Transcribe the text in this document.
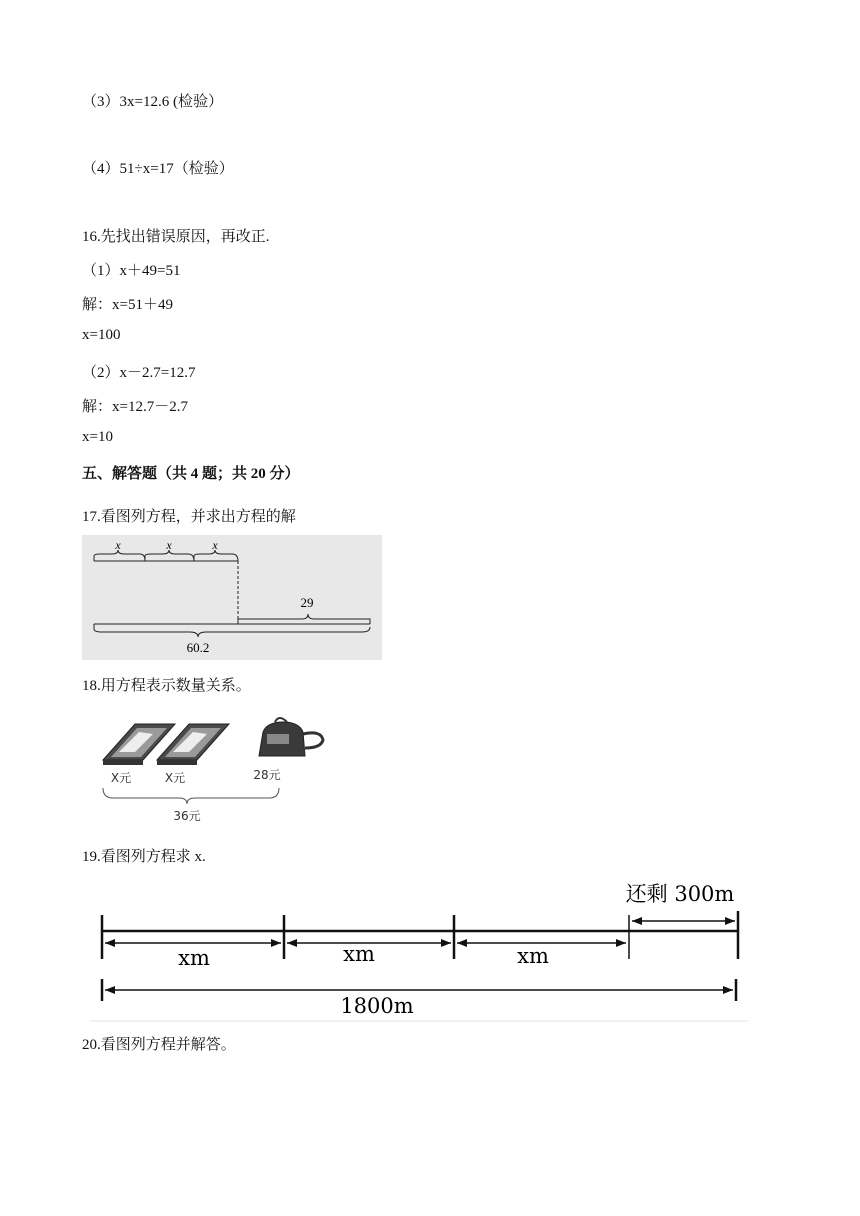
（3）3x=12.6 (检验）
（4）51÷x=17（检验）
16.先找出错误原因，再改正.
（1）x＋49=51
解：x=51＋49
x=100
（2）x－2.7=12.7
解：x=12.7－2.7
x=10
五、解答题（共 4 题；共 20 分）
17.看图列方程，并求出方程的解
x	x	x
29
60.2
18.用方程表示数量关系。
X元	X元	28元
36元
19.看图列方程求 x.
还剩 300m
xm	xm	xm
1800m
20.看图列方程并解答。
